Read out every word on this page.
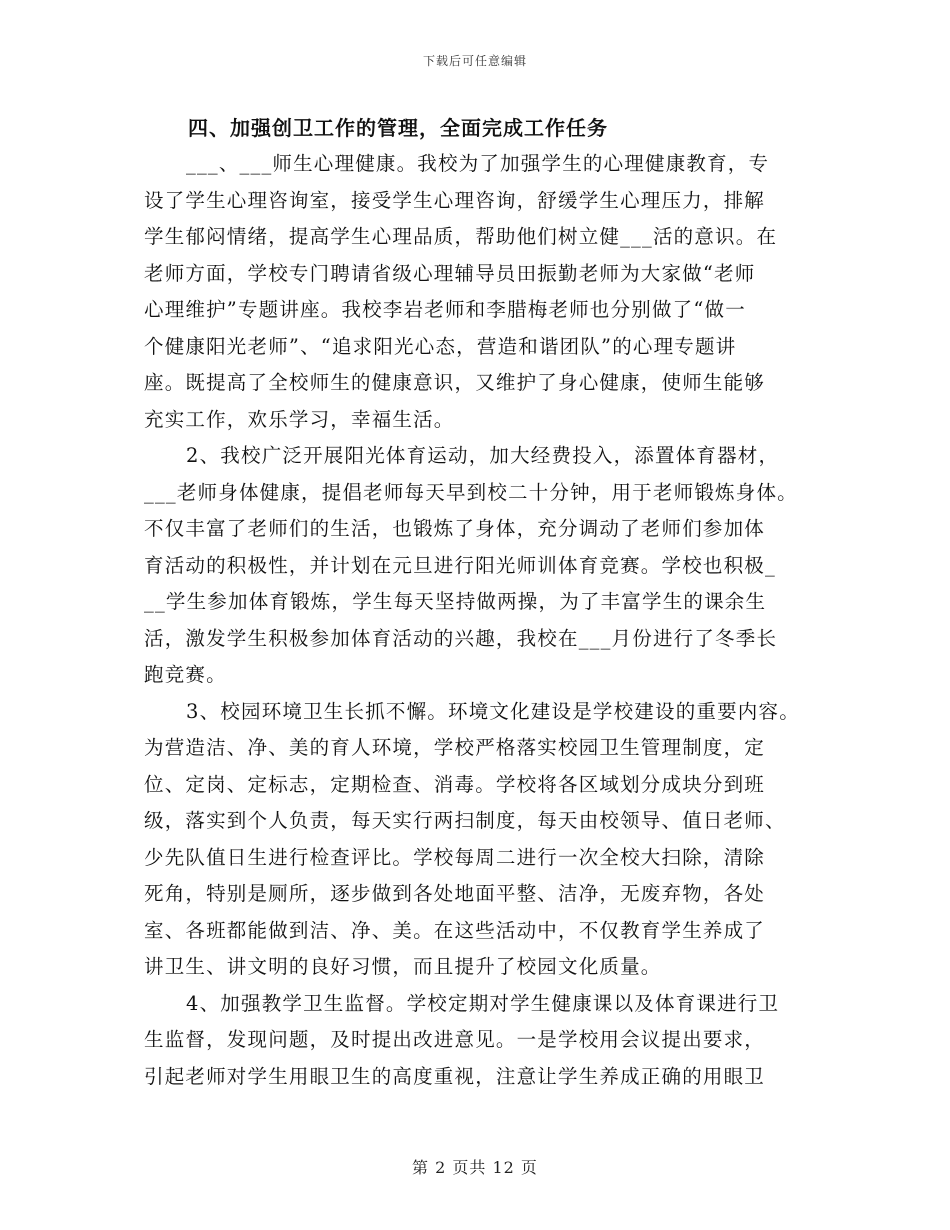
下载后可任意编辑
四、加强创卫工作的管理，全面完成工作任务
___、___师生心理健康。我校为了加强学生的心理健康教育，专
设了学生心理咨询室，接受学生心理咨询，舒缓学生心理压力，排解
学生郁闷情绪，提高学生心理品质，帮助他们树立健___活的意识。在
老师方面，学校专门聘请省级心理辅导员田振勤老师为大家做“老师
心理维护”专题讲座。我校李岩老师和李腊梅老师也分别做了“做一
个健康阳光老师”、“追求阳光心态，营造和谐团队”的心理专题讲
座。既提高了全校师生的健康意识，又维护了身心健康，使师生能够
充实工作，欢乐学习，幸福生活。
2、我校广泛开展阳光体育运动，加大经费投入，添置体育器材，
___老师身体健康，提倡老师每天早到校二十分钟，用于老师锻炼身体。
不仅丰富了老师们的生活，也锻炼了身体，充分调动了老师们参加体
育活动的积极性，并计划在元旦进行阳光师训体育竞赛。学校也积极_
__学生参加体育锻炼，学生每天坚持做两操，为了丰富学生的课余生
活，激发学生积极参加体育活动的兴趣，我校在___月份进行了冬季长
跑竞赛。
3、校园环境卫生长抓不懈。环境文化建设是学校建设的重要内容。
为营造洁、净、美的育人环境，学校严格落实校园卫生管理制度，定
位、定岗、定标志，定期检查、消毒。学校将各区域划分成块分到班
级，落实到个人负责，每天实行两扫制度，每天由校领导、值日老师、
少先队值日生进行检查评比。学校每周二进行一次全校大扫除，清除
死角，特别是厕所，逐步做到各处地面平整、洁净，无废弃物，各处
室、各班都能做到洁、净、美。在这些活动中，不仅教育学生养成了
讲卫生、讲文明的良好习惯，而且提升了校园文化质量。
4、加强教学卫生监督。学校定期对学生健康课以及体育课进行卫
生监督，发现问题，及时提出改进意见。一是学校用会议提出要求，
引起老师对学生用眼卫生的高度重视，注意让学生养成正确的用眼卫
第 2 页共 12 页
